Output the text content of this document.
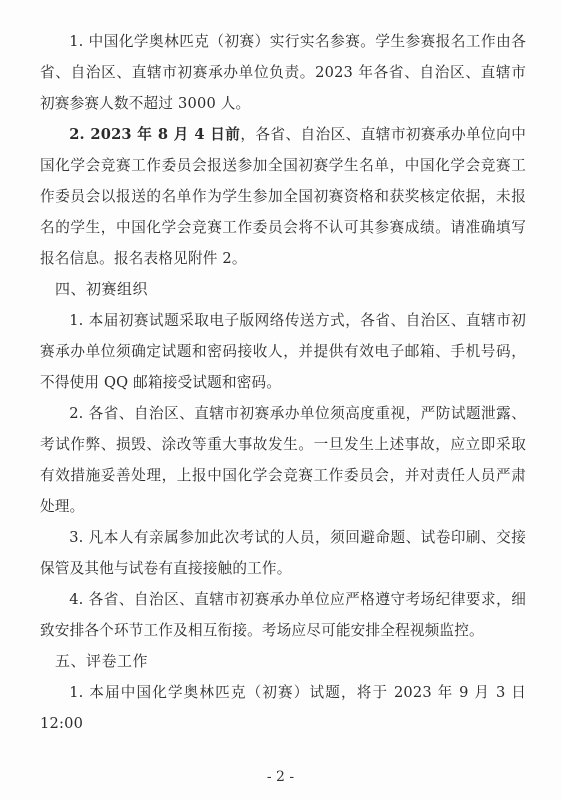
1. 中国化学奥林匹克（初赛）实行实名参赛。学生参赛报名工作由各省、自治区、直辖市初赛承办单位负责。2023 年各省、自治区、直辖市初赛参赛人数不超过 3000 人。

2. 2023 年 8 月 4 日前，各省、自治区、直辖市初赛承办单位向中国化学会竞赛工作委员会报送参加全国初赛学生名单，中国化学会竞赛工作委员会以报送的名单作为学生参加全国初赛资格和获奖核定依据，未报名的学生，中国化学会竞赛工作委员会将不认可其参赛成绩。请准确填写报名信息。报名表格见附件 2。

四、初赛组织

1. 本届初赛试题采取电子版网络传送方式，各省、自治区、直辖市初赛承办单位须确定试题和密码接收人，并提供有效电子邮箱、手机号码，不得使用 QQ 邮箱接受试题和密码。

2. 各省、自治区、直辖市初赛承办单位须高度重视，严防试题泄露、考试作弊、损毁、涂改等重大事故发生。一旦发生上述事故，应立即采取有效措施妥善处理，上报中国化学会竞赛工作委员会，并对责任人员严肃处理。

3. 凡本人有亲属参加此次考试的人员，须回避命题、试卷印刷、交接保管及其他与试卷有直接接触的工作。

4. 各省、自治区、直辖市初赛承办单位应严格遵守考场纪律要求，细致安排各个环节工作及相互衔接。考场应尽可能安排全程视频监控。

五、评卷工作

1. 本届中国化学奥林匹克（初赛）试题，将于 2023 年 9 月 3 日 12:00

- 2 -
